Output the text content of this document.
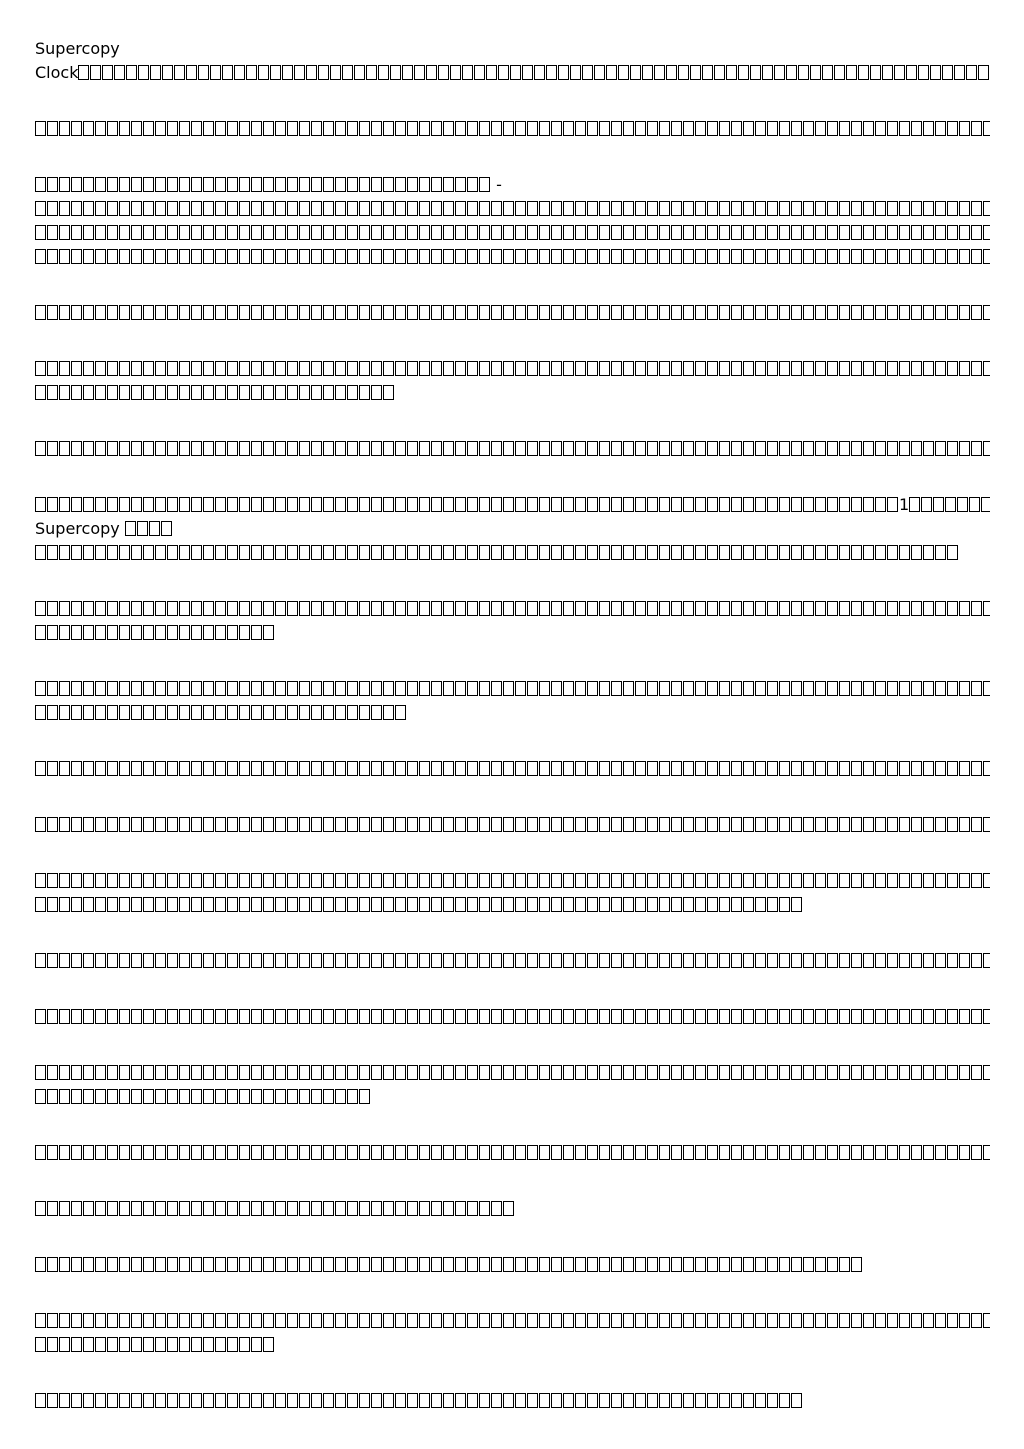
Supercopy
Clock
-
1
Supercopy
